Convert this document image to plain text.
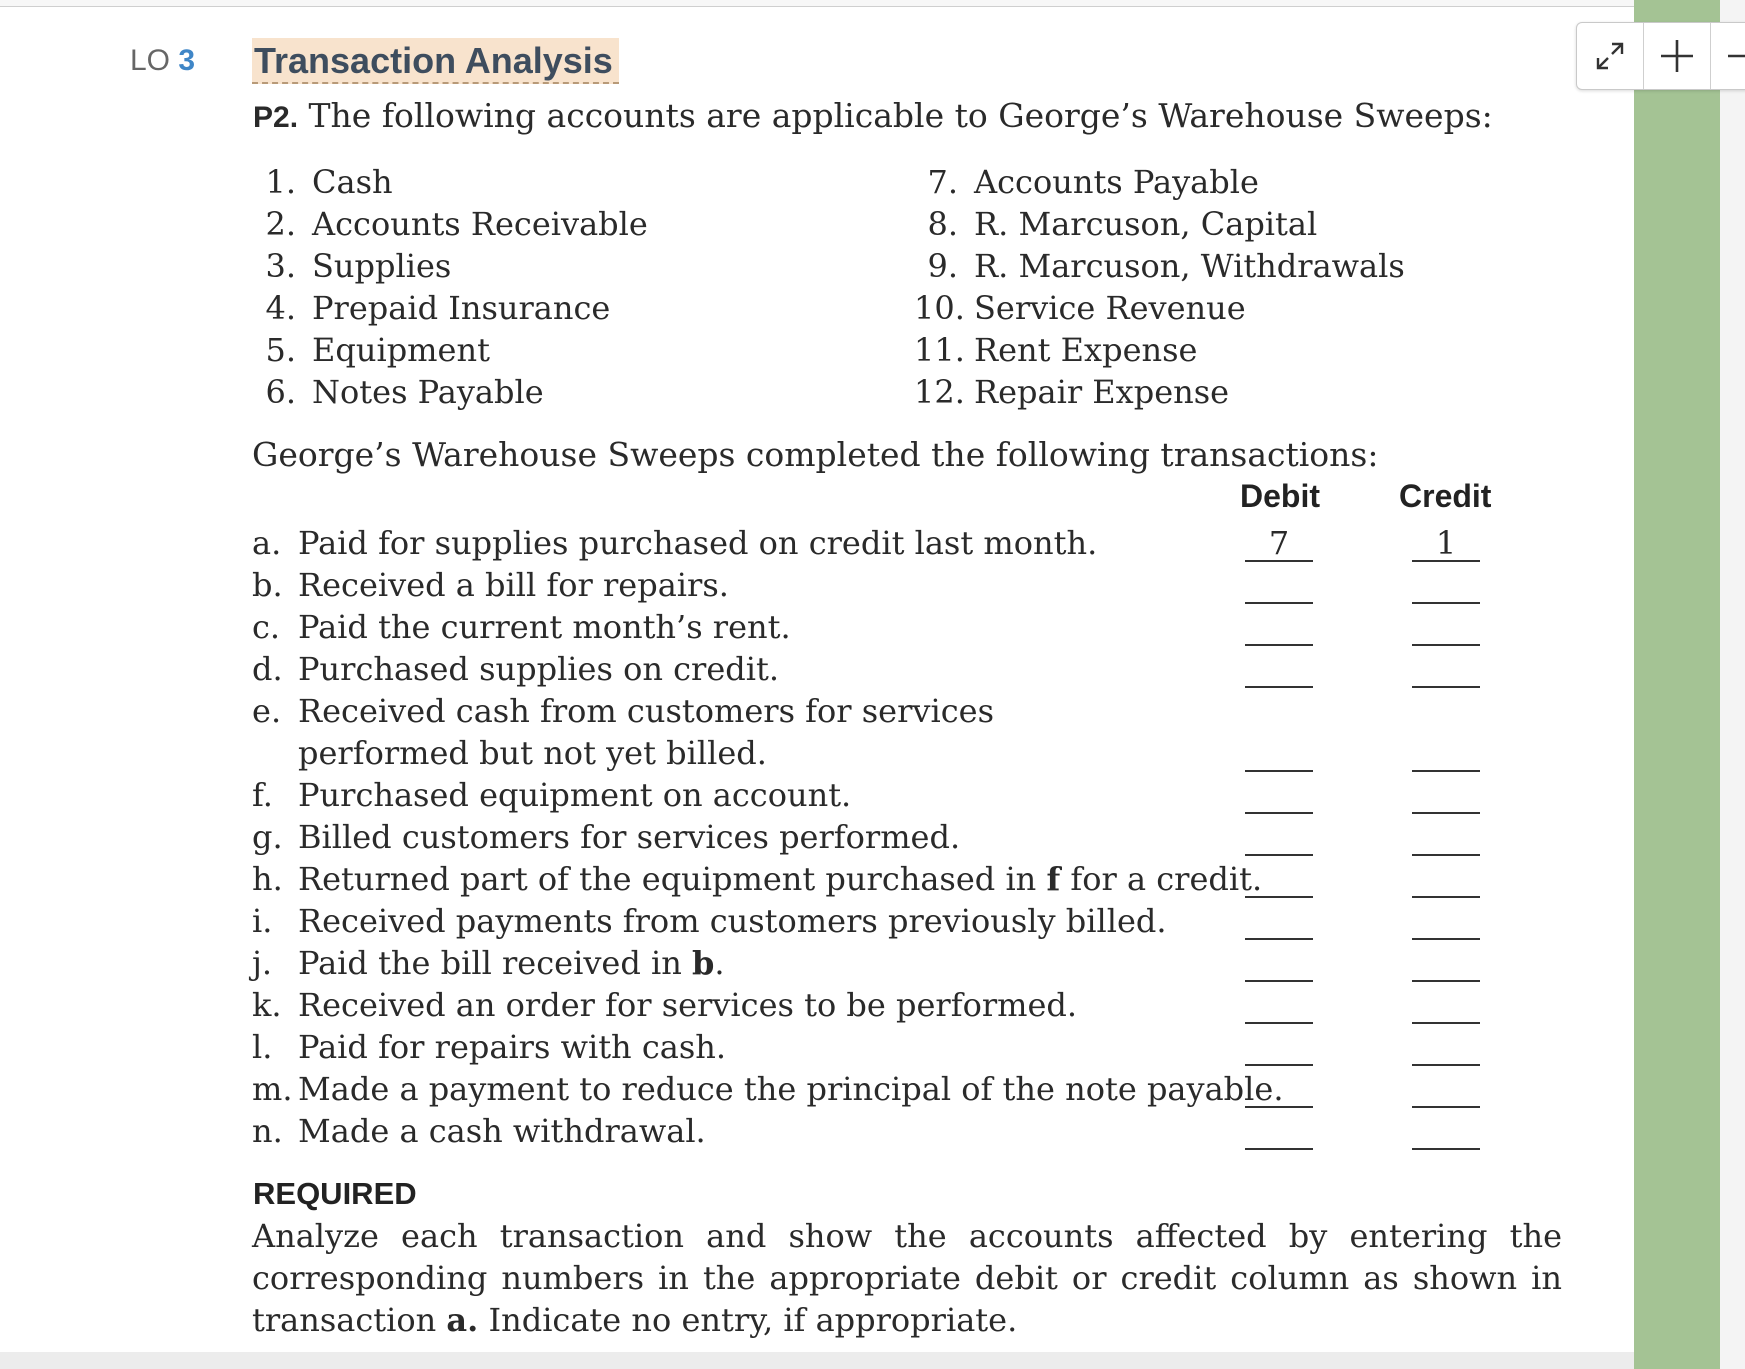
LO 3 Transaction Analysis
P2. The following accounts are applicable to George’s Warehouse Sweeps:
1. Cash
2. Accounts Receivable
3. Supplies
4. Prepaid Insurance
5. Equipment
6. Notes Payable
7. Accounts Payable
8. R. Marcuson, Capital
9. R. Marcuson, Withdrawals
10. Service Revenue
11. Rent Expense
12. Repair Expense
George’s Warehouse Sweeps completed the following transactions:
Debit Credit
a. Paid for supplies purchased on credit last month.	7	1
b. Received a bill for repairs.
c. Paid the current month’s rent.
d. Purchased supplies on credit.
e. Received cash from customers for services
performed but not yet billed.
f. Purchased equipment on account.
g. Billed customers for services performed.
h. Returned part of the equipment purchased in f for a credit.
i. Received payments from customers previously billed.
j. Paid the bill received in b.
k. Received an order for services to be performed.
l. Paid for repairs with cash.
m. Made a payment to reduce the principal of the note payable.
n. Made a cash withdrawal.
REQUIRED
Analyze each transaction and show the accounts affected by entering the corresponding numbers in the appropriate debit or credit column as shown in transaction a. Indicate no entry, if appropriate.
